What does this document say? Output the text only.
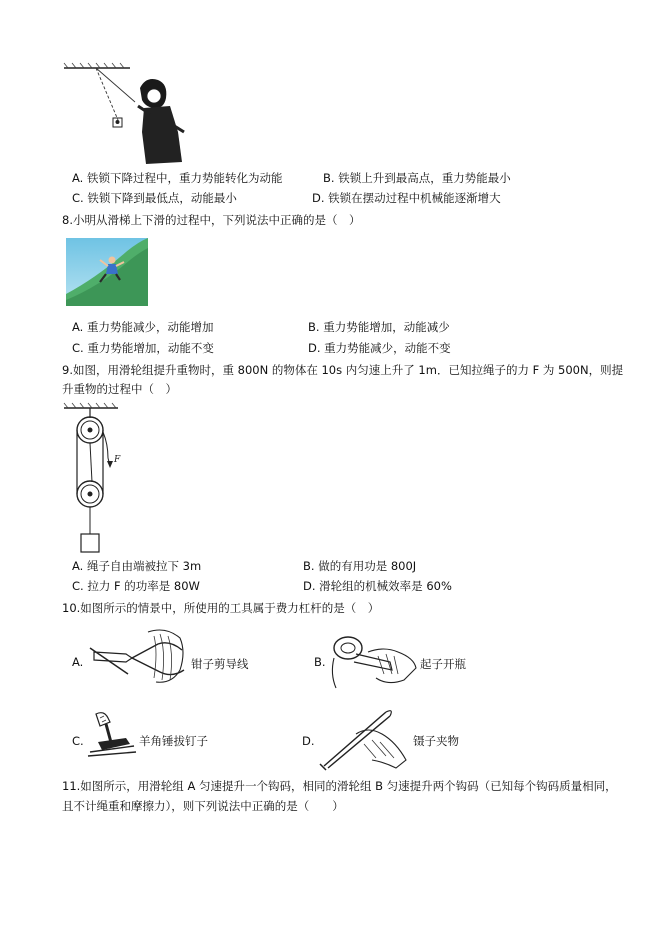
A. 铁锁下降过程中，重力势能转化为动能	B. 铁锁上升到最高点，重力势能最小
C. 铁锁下降到最低点，动能最小	D. 铁锁在摆动过程中机械能逐渐增大
8.小明从滑梯上下滑的过程中，下列说法中正确的是（　）
A. 重力势能减少，动能增加	B. 重力势能增加，动能减少
C. 重力势能增加，动能不变	D. 重力势能减少，动能不变
9.如图，用滑轮组提升重物时，重 800N 的物体在 10s 内匀速上升了 1m．已知拉绳子的力 F 为 500N，则提
升重物的过程中（　）
F
A. 绳子自由端被拉下 3m	B. 做的有用功是 800J
C. 拉力 F 的功率是 80W	D. 滑轮组的机械效率是 60%
10.如图所示的情景中，所使用的工具属于费力杠杆的是（　）
A.	钳子剪导线	B.	起子开瓶
C.	羊角锤拔钉子	D.	镊子夹物
11.如图所示，用滑轮组 A 匀速提升一个钩码，相同的滑轮组 B 匀速提升两个钩码（已知每个钩码质量相同，
且不计绳重和摩擦力），则下列说法中正确的是（　　）
